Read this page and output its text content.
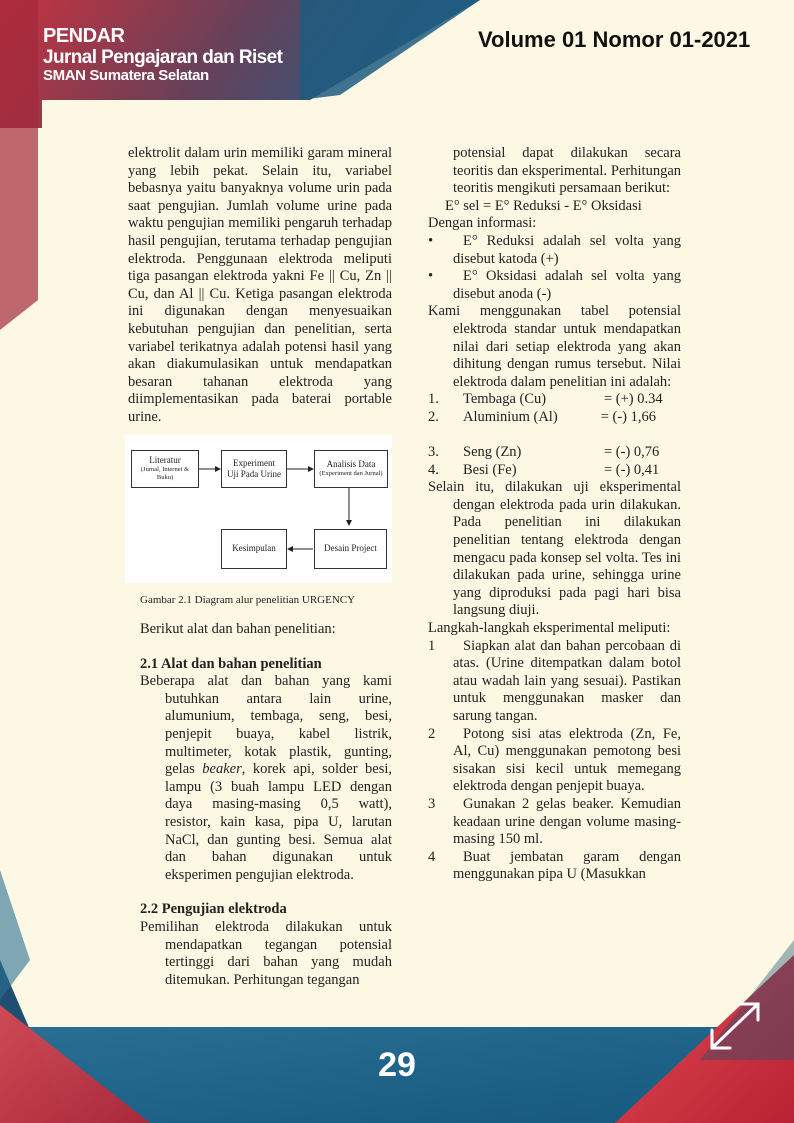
PENDAR
Jurnal Pengajaran dan Riset
SMAN Sumatera Selatan
Volume 01 Nomor 01-2021

elektrolit dalam urin memiliki garam mineral yang lebih pekat. Selain itu, variabel bebasnya yaitu banyaknya volume urin pada saat pengujian. Jumlah volume urine pada waktu pengujian memiliki pengaruh terhadap hasil pengujian, terutama terhadap pengujian elektroda. Penggunaan elektroda meliputi tiga pasangan elektroda yakni Fe || Cu, Zn || Cu, dan Al || Cu. Ketiga pasangan elektroda ini digunakan dengan menyesuaikan kebutuhan pengujian dan penelitian, serta variabel terikatnya adalah potensi hasil yang akan diakumulasikan untuk mendapatkan besaran tahanan elektroda yang diimplementasikan pada baterai portable urine.

Literatur
(Jurnal, Internet & Buku)
Experiment
Uji Pada Urine
Analisis Data
(Experiment dan Jurnal)
Kesimpulan	Desain Project
Gambar 2.1 Diagram alur penelitian URGENCY

Berikut alat dan bahan penelitian:

2.1 Alat dan bahan penelitian

Beberapa alat dan bahan yang kami butuhkan antara lain urine, alumunium, tembaga, seng, besi, penjepit buaya, kabel listrik, multimeter, kotak plastik, gunting, gelas beaker, korek api, solder besi, lampu (3 buah lampu LED dengan daya masing-masing 0,5 watt), resistor, kain kasa, pipa U, larutan NaCl, dan gunting besi. Semua alat dan bahan digunakan untuk eksperimen pengujian elektroda.

2.2 Pengujian elektroda

Pemilihan elektroda dilakukan untuk mendapatkan tegangan potensial tertinggi dari bahan yang mudah ditemukan. Perhitungan tegangan

potensial dapat dilakukan secara teoritis dan eksperimental. Perhitungan teoritis mengikuti persamaan berikut:

E° sel = E° Reduksi - E° Oksidasi

Dengan informasi:

•	E° Reduksi adalah sel volta yang disebut katoda (+)
•	E° Oksidasi adalah sel volta yang disebut anoda (-)

Kami menggunakan tabel potensial elektroda standar untuk mendapatkan nilai dari setiap elektroda yang akan dihitung dengan rumus tersebut. Nilai elektroda dalam penelitian ini adalah:

1. Tembaga (Cu)	= (+) 0.34
2. Aluminium (Al)	= (-) 1,66
3. Seng (Zn)	= (-) 0,76
4. Besi (Fe)	= (-) 0,41

Selain itu, dilakukan uji eksperimental dengan elektroda pada urin dilakukan. Pada penelitian ini dilakukan penelitian tentang elektroda dengan mengacu pada konsep sel volta. Tes ini dilakukan pada urine, sehingga urine yang diproduksi pada pagi hari bisa langsung diuji.

Langkah-langkah eksperimental meliputi:

1	Siapkan alat dan bahan percobaan di atas. (Urine ditempatkan dalam botol atau wadah lain yang sesuai). Pastikan untuk menggunakan masker dan sarung tangan.
2	Potong sisi atas elektroda (Zn, Fe, Al, Cu) menggunakan pemotong besi sisakan sisi kecil untuk memegang elektroda dengan penjepit buaya.
3	Gunakan 2 gelas beaker. Kemudian keadaan urine dengan volume masing-masing 150 ml.
4	Buat jembatan garam dengan menggunakan pipa U (Masukkan
29
